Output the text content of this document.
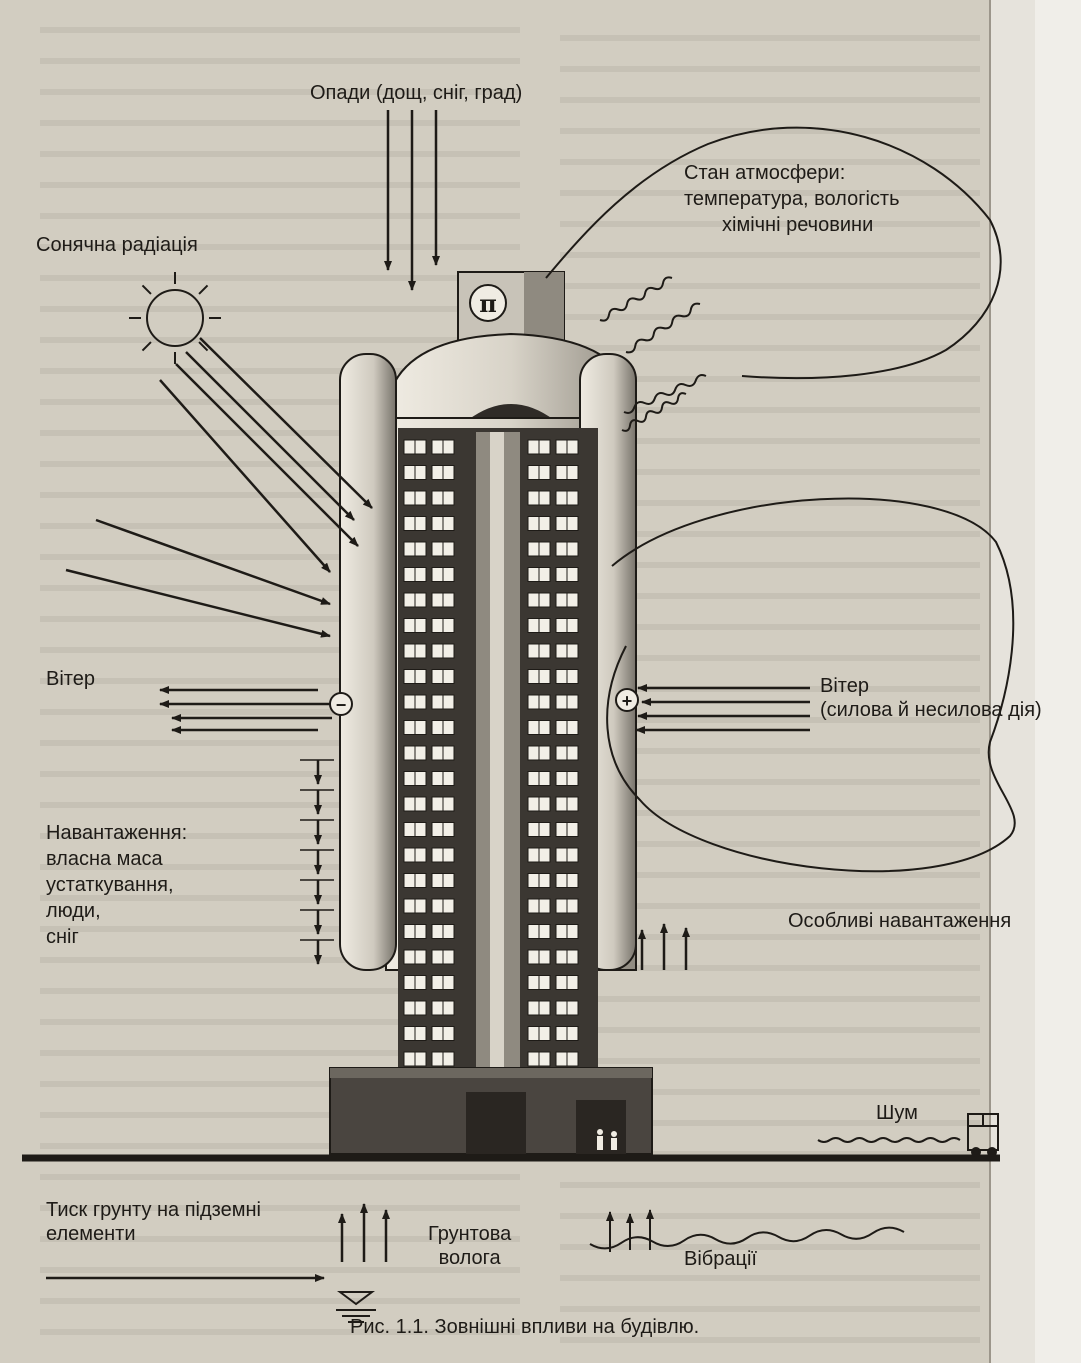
π
−	+
Опади (дощ, сніг, град)
Стан атмосфери:
температура, вологість
хімічні речовини
Сонячна радіація
Вітер	Вітер
(силова й несилова дія)
Навантаження:
власна маса
устаткування,
люди,
сніг
Особливі навантаження
Шум
Тиск грунту на підземні
елементи	Грунтова
волога	Вібрації
Рис. 1.1. Зовнішні впливи на будівлю.
